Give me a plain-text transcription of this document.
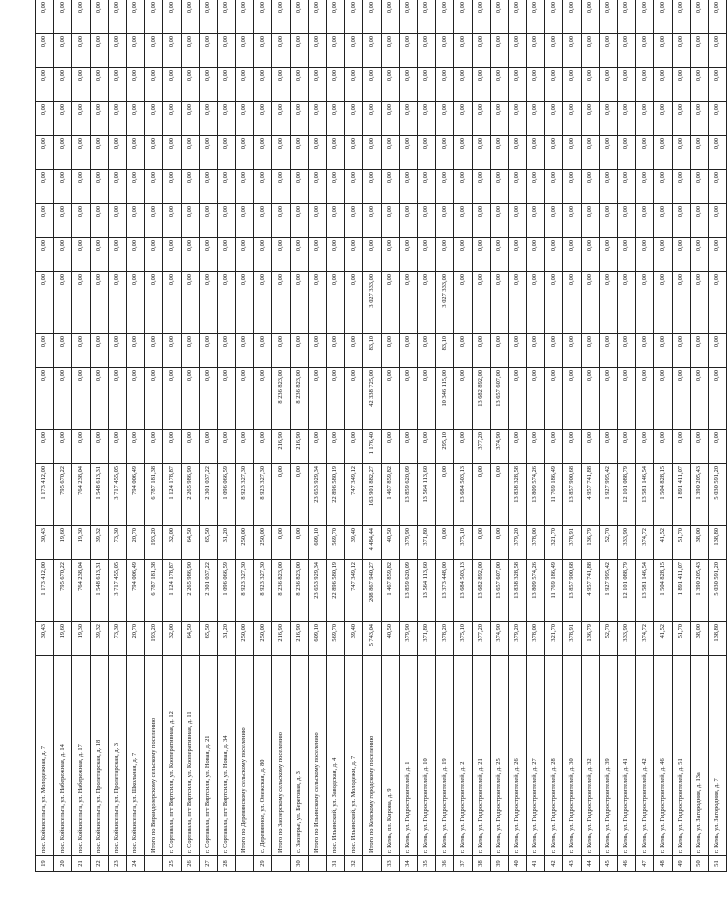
19	пос. Койкисельга, ул. Молодежная, д. 7	30,43	1 173 412,00	30,43	1 173 412,00	0,00	0,00	0,00	0,00	0,00	0,00	0,00	0,00	0,00	0,00	0,00	0,00
20	пос. Койкисельга, ул. Набережная, д. 14	19,60	795 670,22	19,60	795 670,22	0,00	0,00	0,00	0,00	0,00	0,00	0,00	0,00	0,00	0,00	0,00	0,00
21	пос. Койкисельга, ул. Набережная, д. 17	19,30	764 238,04	19,30	764 238,04	0,00	0,00	0,00	0,00	0,00	0,00	0,00	0,00	0,00	0,00	0,00	0,00
22	пос. Койкисельга, ул. Пролетарская, д. 18	39,32	1 548 613,31	39,32	1 548 613,31	0,00	0,00	0,00	0,00	0,00	0,00	0,00	0,00	0,00	0,00	0,00	0,00
23	пос. Койкисельга, ул. Пролетарская, д. 3	73,30	3 717 455,05	73,30	3 717 455,05	0,00	0,00	0,00	0,00	0,00	0,00	0,00	0,00	0,00	0,00	0,00	0,00
24	пос. Койкисельга, ул. Школьная, д. 7	20,70	794 006,49	20,70	794 006,49	0,00	0,00	0,00	0,00	0,00	0,00	0,00	0,00	0,00	0,00	0,00	0,00
	Итого по Вирандозерскому сельскому поселению	193,20	6 787 181,38	193,20	6 787 181,38	0,00	0,00	0,00	0,00	0,00	0,00	0,00	0,00	0,00	0,00	0,00	0,00
25	г. Сортавала, пгт Вяртсиля, ул. Кооперативная, д. 12	32,00	1 124 178,87	32,00	1 124 178,87	0,00	0,00	0,00	0,00	0,00	0,00	0,00	0,00	0,00	0,00	0,00	0,00
26	г. Сортавала, пгт Вяртсиля, ул. Кооперативная, д. 11	64,50	2 265 986,90	64,50	2 265 986,90	0,00	0,00	0,00	0,00	0,00	0,00	0,00	0,00	0,00	0,00	0,00	0,00
27	г. Сортавала, пгт Вяртсиля, ул. Новая, д. 21	65,50	2 301 037,22	65,50	2 301 037,22	0,00	0,00	0,00	0,00	0,00	0,00	0,00	0,00	0,00	0,00	0,00	0,00
28	г. Сортавала, пгт Вяртсиля, ул. Новая, д. 34	31,20	1 096 066,59	31,20	1 096 066,59	0,00	0,00	0,00	0,00	0,00	0,00	0,00	0,00	0,00	0,00	0,00	0,00
	Итого по Деревянскому сельскому поселению	250,00	8 923 327,30	250,00	8 923 327,30	0,00	0,00	0,00	0,00	0,00	0,00	0,00	0,00	0,00	0,00	0,00	0,00
29	с. Деревянное, ул. Онежская, д. 80	250,00	8 923 327,30	250,00	8 923 327,30	0,00	0,00	0,00	0,00	0,00	0,00	0,00	0,00	0,00	0,00	0,00	0,00
	Итого по Заозерскому сельскому поселению	216,90	8 236 823,00	0,00	0,00	216,90	8 236 823,00	0,00	0,00	0,00	0,00	0,00	0,00	0,00	0,00	0,00	0,00
30	с. Заозерье, ул. Береговая, д. 3	216,90	8 236 823,00	0,00	0,00	216,90	8 236 823,00	0,00	0,00	0,00	0,00	0,00	0,00	0,00	0,00	0,00	0,00
	Итого по Ильинскому сельскому поселению	609,10	23 653 929,34	609,10	23 653 929,34	0,00	0,00	0,00	0,00	0,00	0,00	0,00	0,00	0,00	0,00	0,00	0,00
31	пос. Ильинский, ул. Заводская, д. 4	569,70	22 896 580,19	569,70	22 896 580,19	0,00	0,00	0,00	0,00	0,00	0,00	0,00	0,00	0,00	0,00	0,00	0,00
32	пос. Ильинский, ул. Молодежи, д. 7	39,40	747 349,12	39,40	747 349,12	0,00	0,00	0,00	0,00	0,00	0,00	0,00	0,00	0,00	0,00	0,00	0,00
	Итого по Кемскому городскому поселению	5 743,04	208 867 940,27	4 484,44	163 901 882,27	1 176,40	42 338 725,00	83,10	3 027 333,00	0,00	0,00	0,00	0,00	0,00	0,00	0,00	0,00
33	г. Кемь, пл. Кирова, д. 9	40,50	1 467 859,82	40,50	1 467 859,82	0,00	0,00	0,00	0,00	0,00	0,00	0,00	0,00	0,00	0,00	0,00	0,00
34	г. Кемь, ул. Гидростроителей, д. 1	379,90	13 859 620,09	379,90	13 859 620,09	0,00	0,00	0,00	0,00	0,00	0,00	0,00	0,00	0,00	0,00	0,00	0,00
35	г. Кемь, ул. Гидростроителей, д. 10	371,80	13 564 113,60	371,80	13 564 113,60	0,00	0,00	0,00	0,00	0,00	0,00	0,00	0,00	0,00	0,00	0,00	0,00
36	г. Кемь, ул. Гидростроителей, д. 19	378,20	13 373 448,00	0,00	0,00	295,10	10 346 115,00	83,10	3 027 333,00	0,00	0,00	0,00	0,00	0,00	0,00	0,00	0,00
37	г. Кемь, ул. Гидростроителей, д. 2	375,10	13 684 503,13	375,10	13 684 503,13	0,00	0,00	0,00	0,00	0,00	0,00	0,00	0,00	0,00	0,00	0,00	0,00
38	г. Кемь, ул. Гидростроителей, д. 21	377,20	13 682 892,00	0,00	0,00	377,20	13 682 892,00	0,00	0,00	0,00	0,00	0,00	0,00	0,00	0,00	0,00	0,00
39	г. Кемь, ул. Гидростроителей, д. 25	374,90	13 657 607,00	0,00	0,00	374,90	13 657 607,00	0,00	0,00	0,00	0,00	0,00	0,00	0,00	0,00	0,00	0,00
40	г. Кемь, ул. Гидростроителей, д. 26	379,20	13 838 328,58	379,20	13 838 328,58	0,00	0,00	0,00	0,00	0,00	0,00	0,00	0,00	0,00	0,00	0,00	0,00
41	г. Кемь, ул. Гидростроителей, д. 27	378,00	13 809 574,26	378,00	13 809 574,26	0,00	0,00	0,00	0,00	0,00	0,00	0,00	0,00	0,00	0,00	0,00	0,00
42	г. Кемь, ул. Гидростроителей, д. 28	321,70	11 769 186,49	321,70	11 769 186,49	0,00	0,00	0,00	0,00	0,00	0,00	0,00	0,00	0,00	0,00	0,00	0,00
43	г. Кемь, ул. Гидростроителей, д. 30	378,91	13 857 900,68	378,91	13 857 900,68	0,00	0,00	0,00	0,00	0,00	0,00	0,00	0,00	0,00	0,00	0,00	0,00
44	г. Кемь, ул. Гидростроителей, д. 32	136,79	4 957 741,88	136,79	4 957 741,88	0,00	0,00	0,00	0,00	0,00	0,00	0,00	0,00	0,00	0,00	0,00	0,00
45	г. Кемь, ул. Гидростроителей, д. 39	52,70	1 927 995,42	52,70	1 927 995,42	0,00	0,00	0,00	0,00	0,00	0,00	0,00	0,00	0,00	0,00	0,00	0,00
46	г. Кемь, ул. Гидростроителей, д. 41	333,90	12 101 088,79	333,90	12 101 088,79	0,00	0,00	0,00	0,00	0,00	0,00	0,00	0,00	0,00	0,00	0,00	0,00
47	г. Кемь, ул. Гидростроителей, д. 42	374,72	13 581 146,54	374,72	13 581 146,54	0,00	0,00	0,00	0,00	0,00	0,00	0,00	0,00	0,00	0,00	0,00	0,00
48	г. Кемь, ул. Гидростроителей, д. 46	41,52	1 504 828,15	41,52	1 504 828,15	0,00	0,00	0,00	0,00	0,00	0,00	0,00	0,00	0,00	0,00	0,00	0,00
49	г. Кемь, ул. Гидростроителей, д. 51	51,70	1 891 411,07	51,70	1 891 411,07	0,00	0,00	0,00	0,00	0,00	0,00	0,00	0,00	0,00	0,00	0,00	0,00
50	г. Кемь, ул. Загородняя, д. 13а	38,00	1 390 205,43	38,00	1 390 205,43	0,00	0,00	0,00	0,00	0,00	0,00	0,00	0,00	0,00	0,00	0,00	0,00
51	г. Кемь, ул. Загородняя, д. 7	138,80	5 030 591,20	138,80	5 030 591,20	0,00	0,00	0,00	0,00	0,00	0,00	0,00	0,00	0,00	0,00	0,00	0,00
